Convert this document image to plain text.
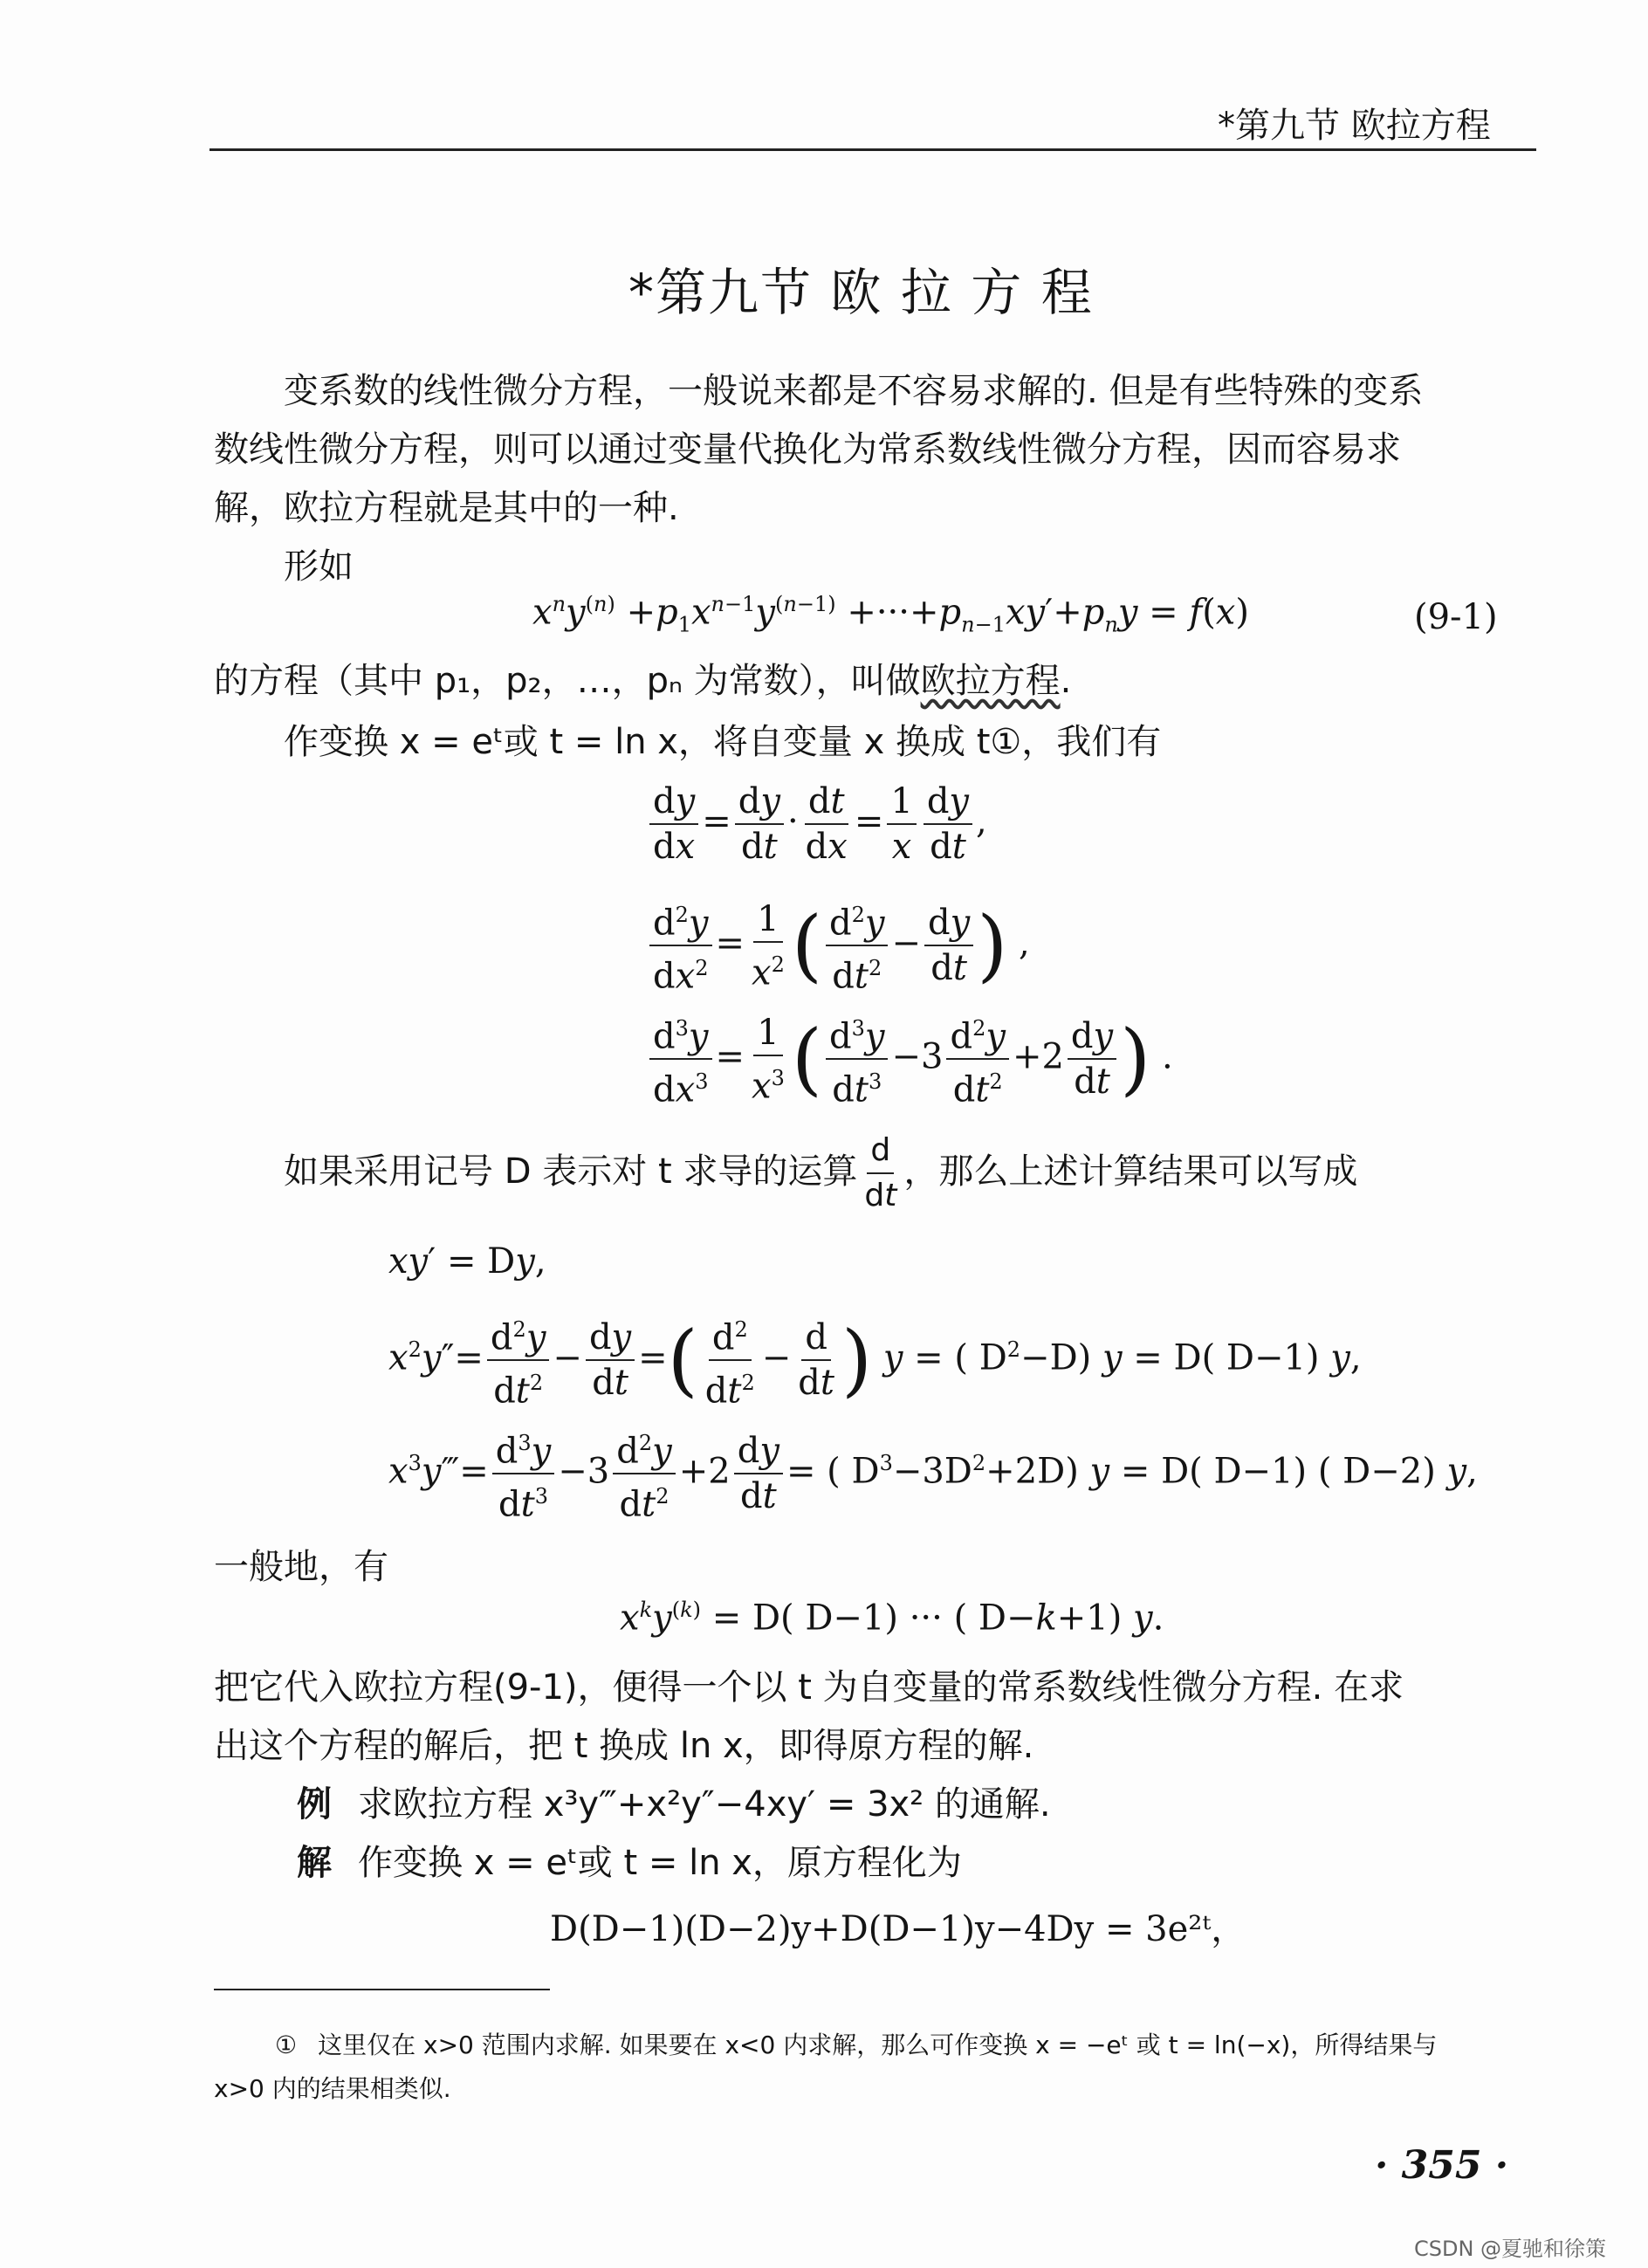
*第九节 欧拉方程
*第九节 欧 拉 方 程
变系数的线性微分方程，一般说来都是不容易求解的. 但是有些特殊的变系
数线性微分方程，则可以通过变量代换化为常系数线性微分方程，因而容易求
解，欧拉方程就是其中的一种.
形如
$x^ny^{(n)} +p_1x^{n-1}y^{(n-1)} +\cdot\cdot\cdot+p_{n-1}xy'+p_ny = f(x)$	(9-1)
的方程（其中 p₁，p₂，…，pₙ 为常数），叫做欧拉方程.
作变换 x = eᵗ或 t = ln x，将自变量 x 换成 t①，我们有
$\frac{dy}{dx} = \frac{dy}{dt} \cdot \frac{dt}{dx} = \frac{1}{x} \frac{dy}{dt}$ ,
$\frac{d^2y}{dx^2} = \frac{1}{x^2}$ ( $\frac{d^2y}{dt^2} - \frac{dy}{dt}$ ) ,
$\frac{d^3y}{dx^3} = \frac{1}{x^3}$ ( $\frac{d^3y}{dt^3} -3 \frac{d^2y}{dt^2} +2 \frac{dy}{dt}$ ) .
如果采用记号 D 表示对 t 求导的运算 $\frac{d}{dt}$ ，那么上述计算结果可以写成
xy′ = Dy,
$x^2y''= \frac{d^2y}{dt^2} - \frac{dy}{dt}$ =( $\frac{d^2}{dt^2} - \frac{d}{dt}$ ) y = ( $D^2-D$) y = D( D−1) y,
$x^3y‴= \frac{d^3y}{dt^3} -3 \frac{d^2y}{dt^2} +2 \frac{dy}{dt}$ = ( $D^3-3D^2+2D$) y = D( D−1) ( D−2) y,
一般地，有
$x^ky^{(k)} = D$( D−1) ··· ( D−k+1) y.
把它代入欧拉方程(9-1)，便得一个以 t 为自变量的常系数线性微分方程. 在求
出这个方程的解后，把 t 换成 ln x，即得原方程的解.
例 求欧拉方程 x³y‴+x²y″−4xy′ = 3x² 的通解.
解 作变换 x = eᵗ或 t = ln x，原方程化为
D(D−1)(D−2)y+D(D−1)y−4Dy = 3e²ᵗ，
① 这里仅在 x>0 范围内求解. 如果要在 x<0 内求解，那么可作变换 x = −eᵗ 或 t = ln(−x)，所得结果与
x>0 内的结果相类似.
· 355 ·
CSDN @夏驰和徐策
